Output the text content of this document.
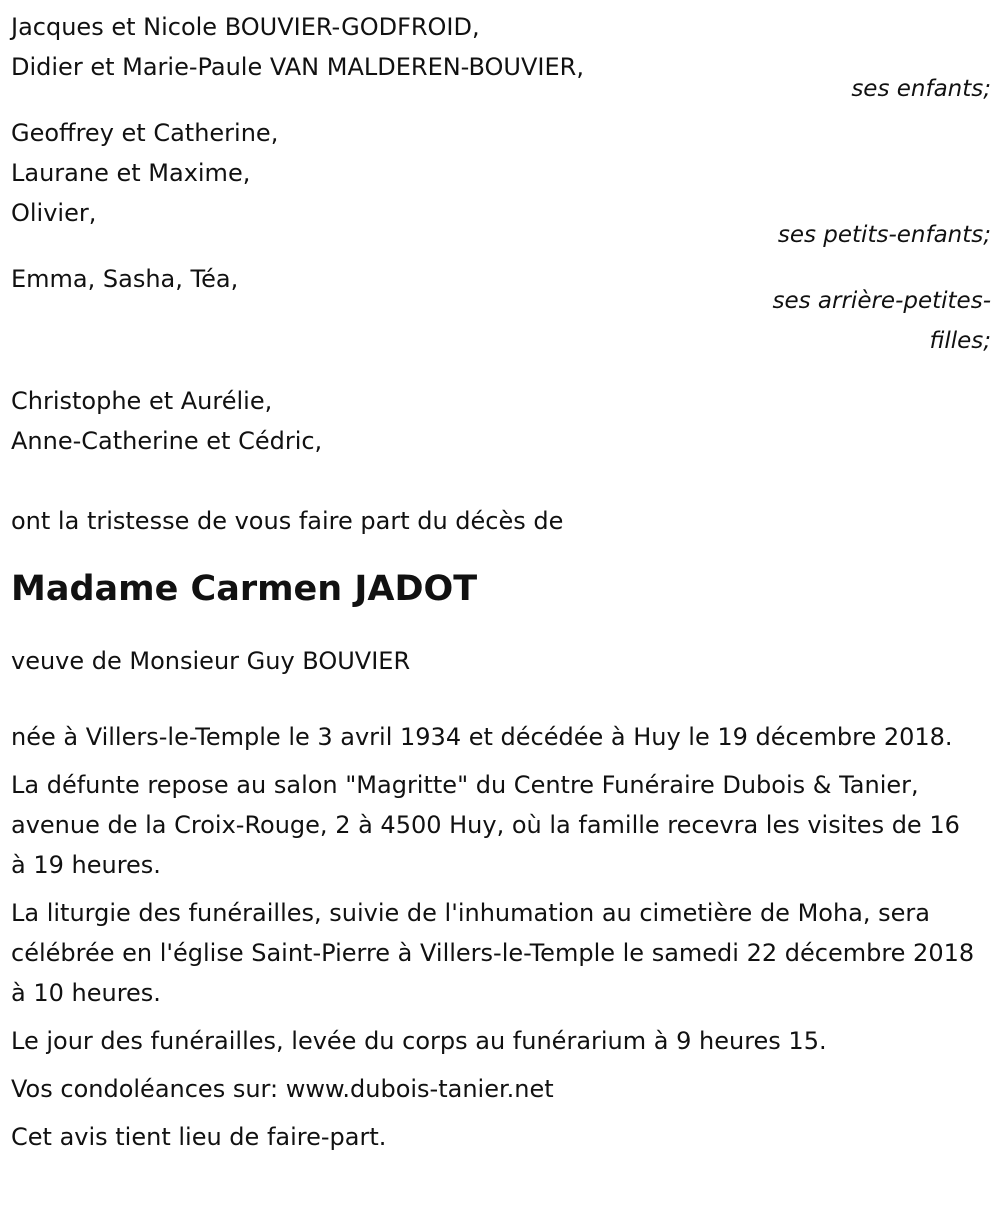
Jacques et Nicole BOUVIER-GODFROID,
Didier et Marie-Paule VAN MALDEREN-BOUVIER,
ses enfants;
Geoffrey et Catherine,
Laurane et Maxime,
Olivier,
ses petits-enfants;
Emma, Sasha, Téa,
ses arrière-petites-
filles;
Christophe et Aurélie,
Anne-Catherine et Cédric,
ont la tristesse de vous faire part du décès de
Madame Carmen JADOT
veuve de Monsieur Guy BOUVIER
née à Villers-le-Temple le 3 avril 1934 et décédée à Huy le 19 décembre 2018.
La défunte repose au salon "Magritte" du Centre Funéraire Dubois & Tanier, avenue de la Croix-Rouge, 2 à 4500 Huy, où la famille recevra les visites de 16 à 19 heures.
La liturgie des funérailles, suivie de l'inhumation au cimetière de Moha, sera célébrée en l'église Saint-Pierre à Villers-le-Temple le samedi 22 décembre 2018 à 10 heures.
Le jour des funérailles, levée du corps au funérarium à 9 heures 15.
Vos condoléances sur: www.dubois-tanier.net
Cet avis tient lieu de faire-part.
